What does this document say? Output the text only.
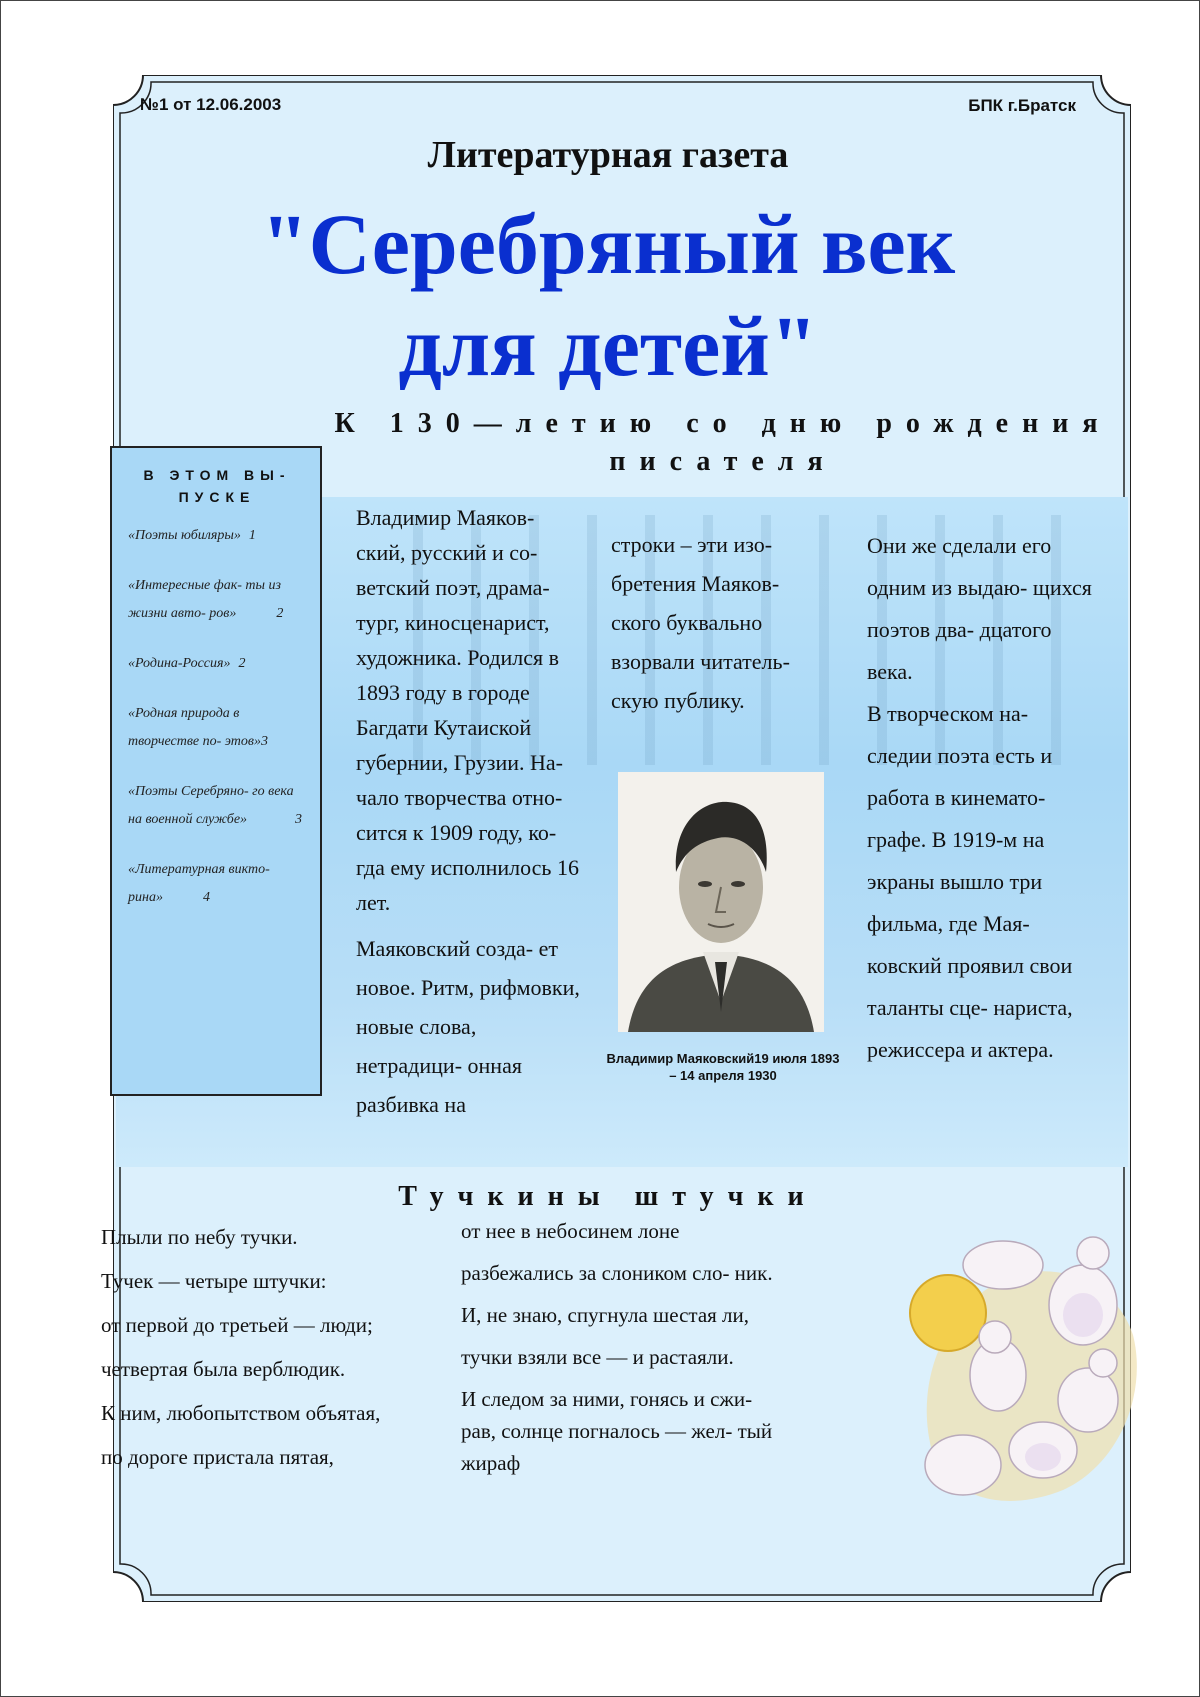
№1 от 12.06.2003	БПК г.Братск
Литературная газета
"Серебряный век
для детей"
К 130—летию со дню рождения писателя
В ЭТОМ ВЫ- ПУСКЕ
«Поэты юбиляры» 1
«Интересные фак- ты из жизни авто- ров»	2
«Родина-Россия» 2
«Родная природа в творчестве по- этов»3
«Поэты Серебряно- го века на военной службе»	3
«Литературная викто- рина»	4

Владимир Маяков- ский, русский и со- ветский поэт, драма- тург, киносценарист, художника. Родился в 1893 году в городе Багдати Кутаиской губернии, Грузии. На- чало творчества отно- сится к 1909 году, ко- гда ему исполнилось 16 лет.

Маяковский созда- ет новое. Ритм, рифмовки, новые слова, нетрадици- онная разбивка на

строки – эти изо- бретения Маяков- ского буквально взорвали читатель- скую публику.

Они же сделали его одним из выдаю- щихся поэтов два- дцатого века.

В творческом на- следии поэта есть и работа в кинемато- графе. В 1919-м на экраны вышло три фильма, где Мая- ковский проявил свои таланты сце- нариста, режиссера и актера.

Владимир Маяковский19 июля 1893 – 14 апреля 1930
Тучкины штучки
Плыли по небу тучки.
Тучек — четыре штучки:
от первой до третьей — люди;
четвертая была верблюдик.
К ним, любопытством объятая,
по дороге пристала пятая,
от нее в небосинем лоне
разбежались за слоником сло- ник.
И, не знаю, спугнула шестая ли,
тучки взяли все — и растаяли.
И следом за ними, гонясь и сжи- рав, солнце погналось — жел- тый жираф
